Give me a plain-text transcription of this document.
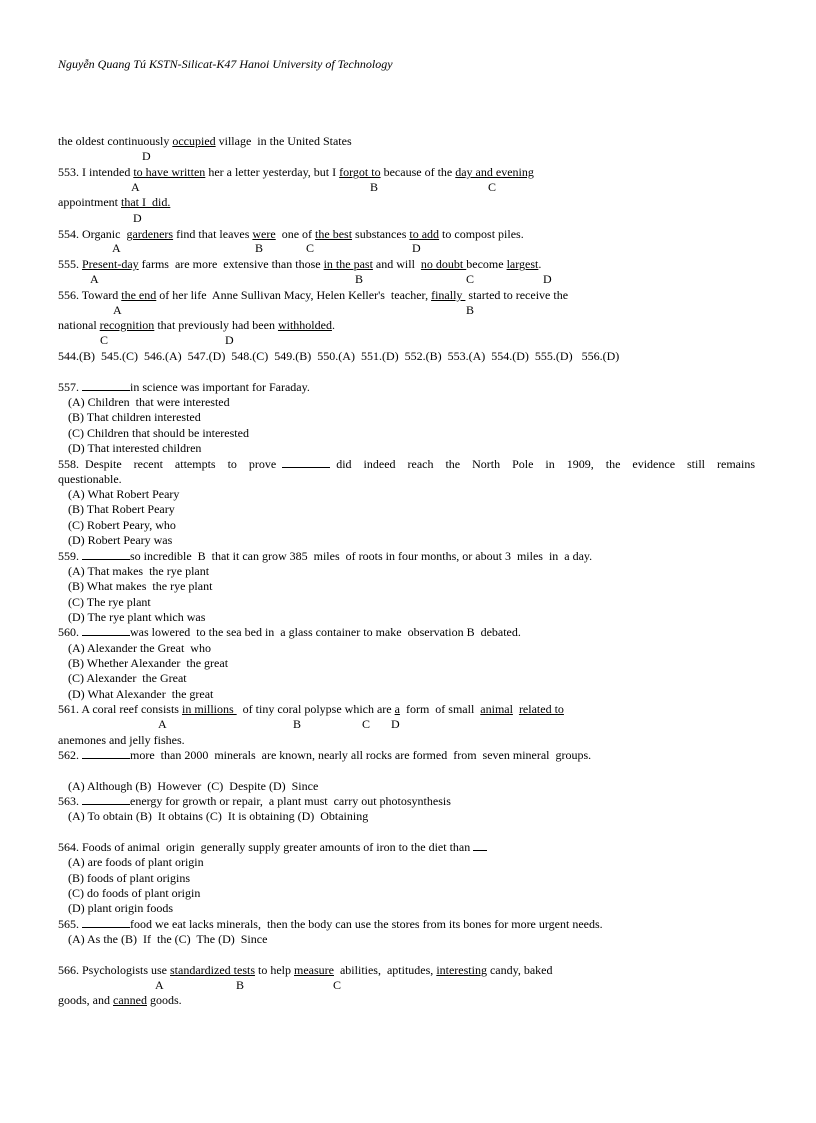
Nguyễn Quang Tú KSTN-Silicat-K47 Hanoi University of Technology
the oldest continuously occupied village  in the United States
D
553. I intended to have written her a letter yesterday, but I forgot to because of the day and evening
A	B	C
appointment that I  did.
D
554. Organic  gardeners find that leaves were  one of the best substances to add to compost piles.
A	B	C	D
555. Present-day farms  are more  extensive than those in the past and will  no doubt become largest.
A	B	C	D
556. Toward the end of her life  Anne Sullivan Macy, Helen Keller's  teacher, finally  started to receive the
A	B
national recognition that previously had been withholded.
C	D
544.(B)  545.(C)  546.(A)  547.(D)  548.(C)  549.(B)  550.(A)  551.(D)  552.(B)  553.(A)  554.(D)  555.(D)   556.(D)
557.	in science was important for Faraday.
(A) Children  that were interested
(B) That children interested
(C) Children that should be interested
(D) That interested children
558. Despite  recent  attempts  to  prove	did  indeed  reach  the  North  Pole  in  1909,  the  evidence  still  remains
questionable.
(A) What Robert Peary
(B) That Robert Peary
(C) Robert Peary, who
(D) Robert Peary was
559.	so incredible  B  that it can grow 385  miles  of roots in four months, or about 3  miles  in  a day.
(A) That makes  the rye plant
(B) What makes  the rye plant
(C) The rye plant
(D) The rye plant which was
560.	was lowered  to the sea bed in  a glass container to make  observation B  debated.
(A) Alexander the Great  who
(B) Whether Alexander  the great
(C) Alexander  the Great
(D) What Alexander  the great
561. A coral reef consists in millions   of tiny coral polypse which are a  form  of small  animal related to
A	B	C D
anemones and jelly fishes.
562.	more  than 2000  minerals  are known, nearly all rocks are formed  from  seven mineral  groups.
(A) Although (B)  However  (C)  Despite (D)  Since
563.	energy for growth or repair,  a plant must  carry out photosynthesis
(A) To obtain (B)  It obtains (C)  It is obtaining (D)  Obtaining
564. Foods of animal  origin  generally supply greater amounts of iron to the diet than
(A) are foods of plant origin
(B) foods of plant origins
(C) do foods of plant origin
(D) plant origin foods
565.	food we eat lacks minerals,  then the body can use the stores from its bones for more urgent needs.
(A) As the (B)  If  the (C)  The (D)  Since
566. Psychologists use standardized tests to help measure  abilities,  aptitudes, interesting candy, baked
A	B	C
goods, and canned goods.
